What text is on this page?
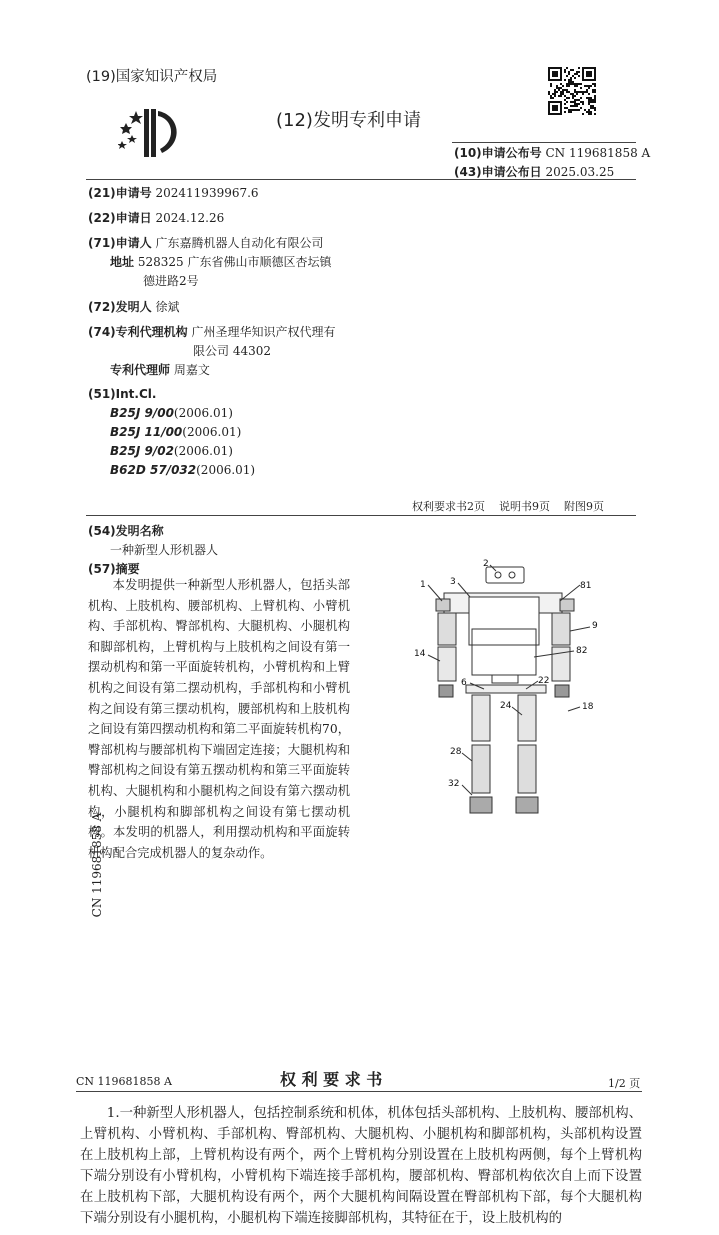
(19)国家知识产权局
(12)发明专利申请
(10)申请公布号 CN 119681858 A
(43)申请公布日 2025.03.25
(21)申请号 202411939967.6
(22)申请日 2024.12.26
(71)申请人 广东嘉腾机器人自动化有限公司
地址 528325 广东省佛山市顺德区杏坛镇
德进路2号
(72)发明人 徐斌
(74)专利代理机构 广州圣理华知识产权代理有
限公司 44302
专利代理师 周嘉文
(51)Int.Cl.
B25J 9/00(2006.01)
B25J 11/00(2006.01)
B25J 9/02(2006.01)
B62D 57/032(2006.01)
权利要求书2页    说明书9页    附图9页
(54)发明名称
一种新型人形机器人
(57)摘要
本发明提供一种新型人形机器人，包括头部机构、上肢机构、腰部机构、上臂机构、小臂机构、手部机构、臀部机构、大腿机构、小腿机构和脚部机构，上臂机构与上肢机构之间设有第一摆动机构和第一平面旋转机构，小臂机构和上臂机构之间设有第二摆动机构，手部机构和小臂机构之间设有第三摆动机构，腰部机构和上肢机构之间设有第四摆动机构和第二平面旋转机构70，臀部机构与腰部机构下端固定连接；大腿机构和臀部机构之间设有第五摆动机构和第三平面旋转机构、大腿机构和小腿机构之间设有第六摆动机构，小腿机构和脚部机构之间设有第七摆动机构。本发明的机器人，利用摆动机构和平面旋转机构配合完成机器人的复杂动作。
2
1	3	81
9
14	82
6	22
18
24
28
32
CN 119681858 A
CN 119681858 A	权 利 要 求 书	1/2 页
1.一种新型人形机器人，包括控制系统和机体，机体包括头部机构、上肢机构、腰部机构、上臂机构、小臂机构、手部机构、臀部机构、大腿机构、小腿机构和脚部机构，头部机构设置在上肢机构上部，上臂机构设有两个，两个上臂机构分别设置在上肢机构两侧，每个上臂机构下端分别设有小臂机构，小臂机构下端连接手部机构，腰部机构、臀部机构依次自上而下设置在上肢机构下部，大腿机构设有两个，两个大腿机构间隔设置在臀部机构下部，每个大腿机构下端分别设有小腿机构，小腿机构下端连接脚部机构，其特征在于，设上肢机构的
